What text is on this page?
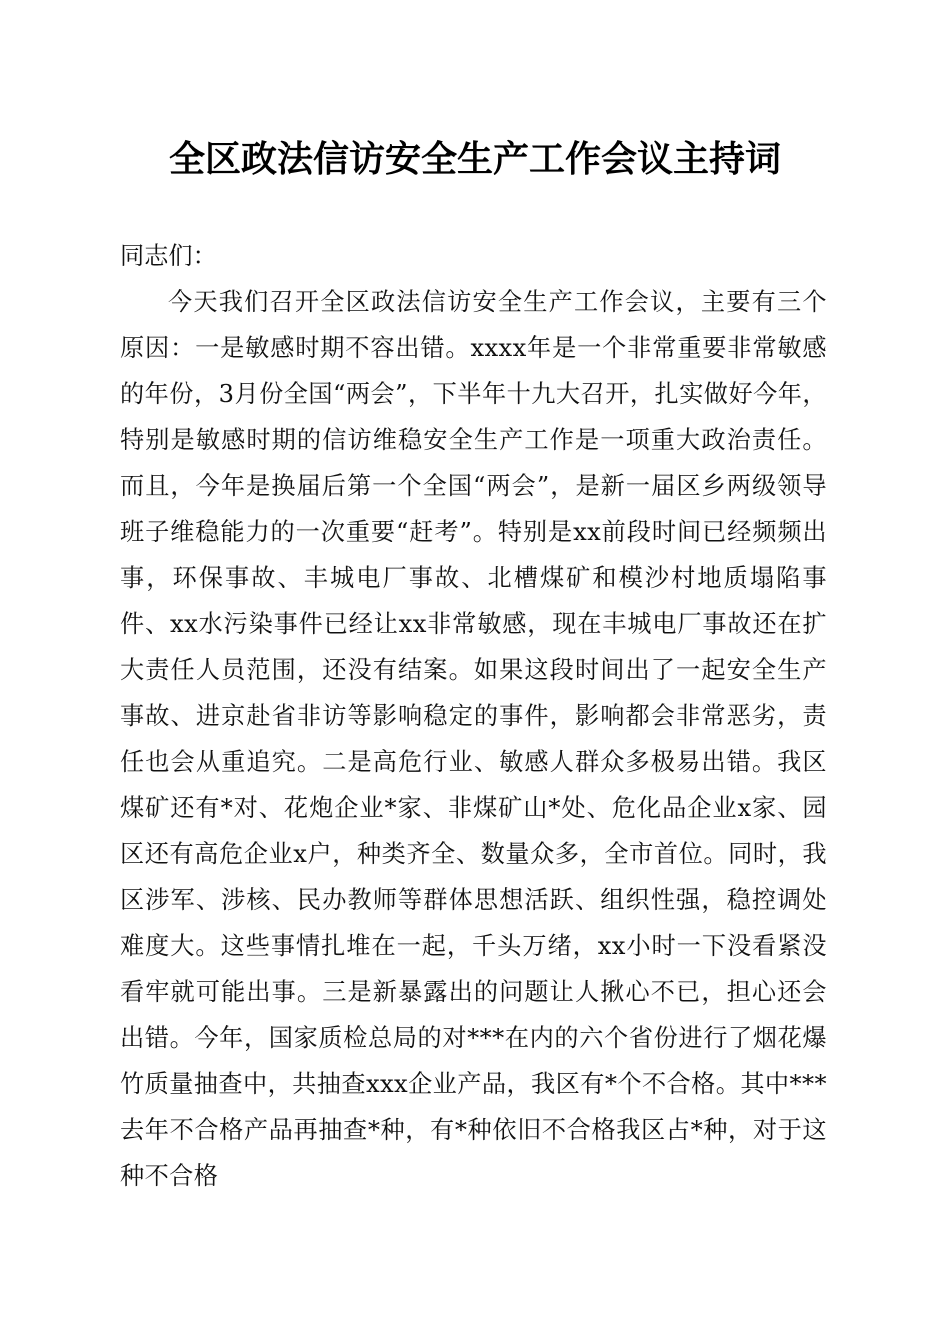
全区政法信访安全生产工作会议主持词
同志们：
今天我们召开全区政法信访安全生产工作会议，主要有三个原因：一是敏感时期不容出错。xxxx年是一个非常重要非常敏感的年份，3月份全国“两会”，下半年十九大召开，扎实做好今年，特别是敏感时期的信访维稳安全生产工作是一项重大政治责任。而且，今年是换届后第一个全国“两会”，是新一届区乡两级领导班子维稳能力的一次重要“赶考”。特别是xx前段时间已经频频出事，环保事故、丰城电厂事故、北槽煤矿和模沙村地质塌陷事件、xx水污染事件已经让xx非常敏感，现在丰城电厂事故还在扩大责任人员范围，还没有结案。如果这段时间出了一起安全生产事故、进京赴省非访等影响稳定的事件，影响都会非常恶劣，责任也会从重追究。二是高危行业、敏感人群众多极易出错。我区煤矿还有*对、花炮企业*家、非煤矿山*处、危化品企业x家、园区还有高危企业x户，种类齐全、数量众多，全市首位。同时，我区涉军、涉核、民办教师等群体思想活跃、组织性强，稳控调处难度大。这些事情扎堆在一起，千头万绪，xx小时一下没看紧没看牢就可能出事。三是新暴露出的问题让人揪心不已，担心还会出错。今年，国家质检总局的对***在内的六个省份进行了烟花爆竹质量抽查中，共抽查xxx企业产品，我区有*个不合格。其中***去年不合格产品再抽查*种，有*种依旧不合格我区占*种，对于这种不合格
